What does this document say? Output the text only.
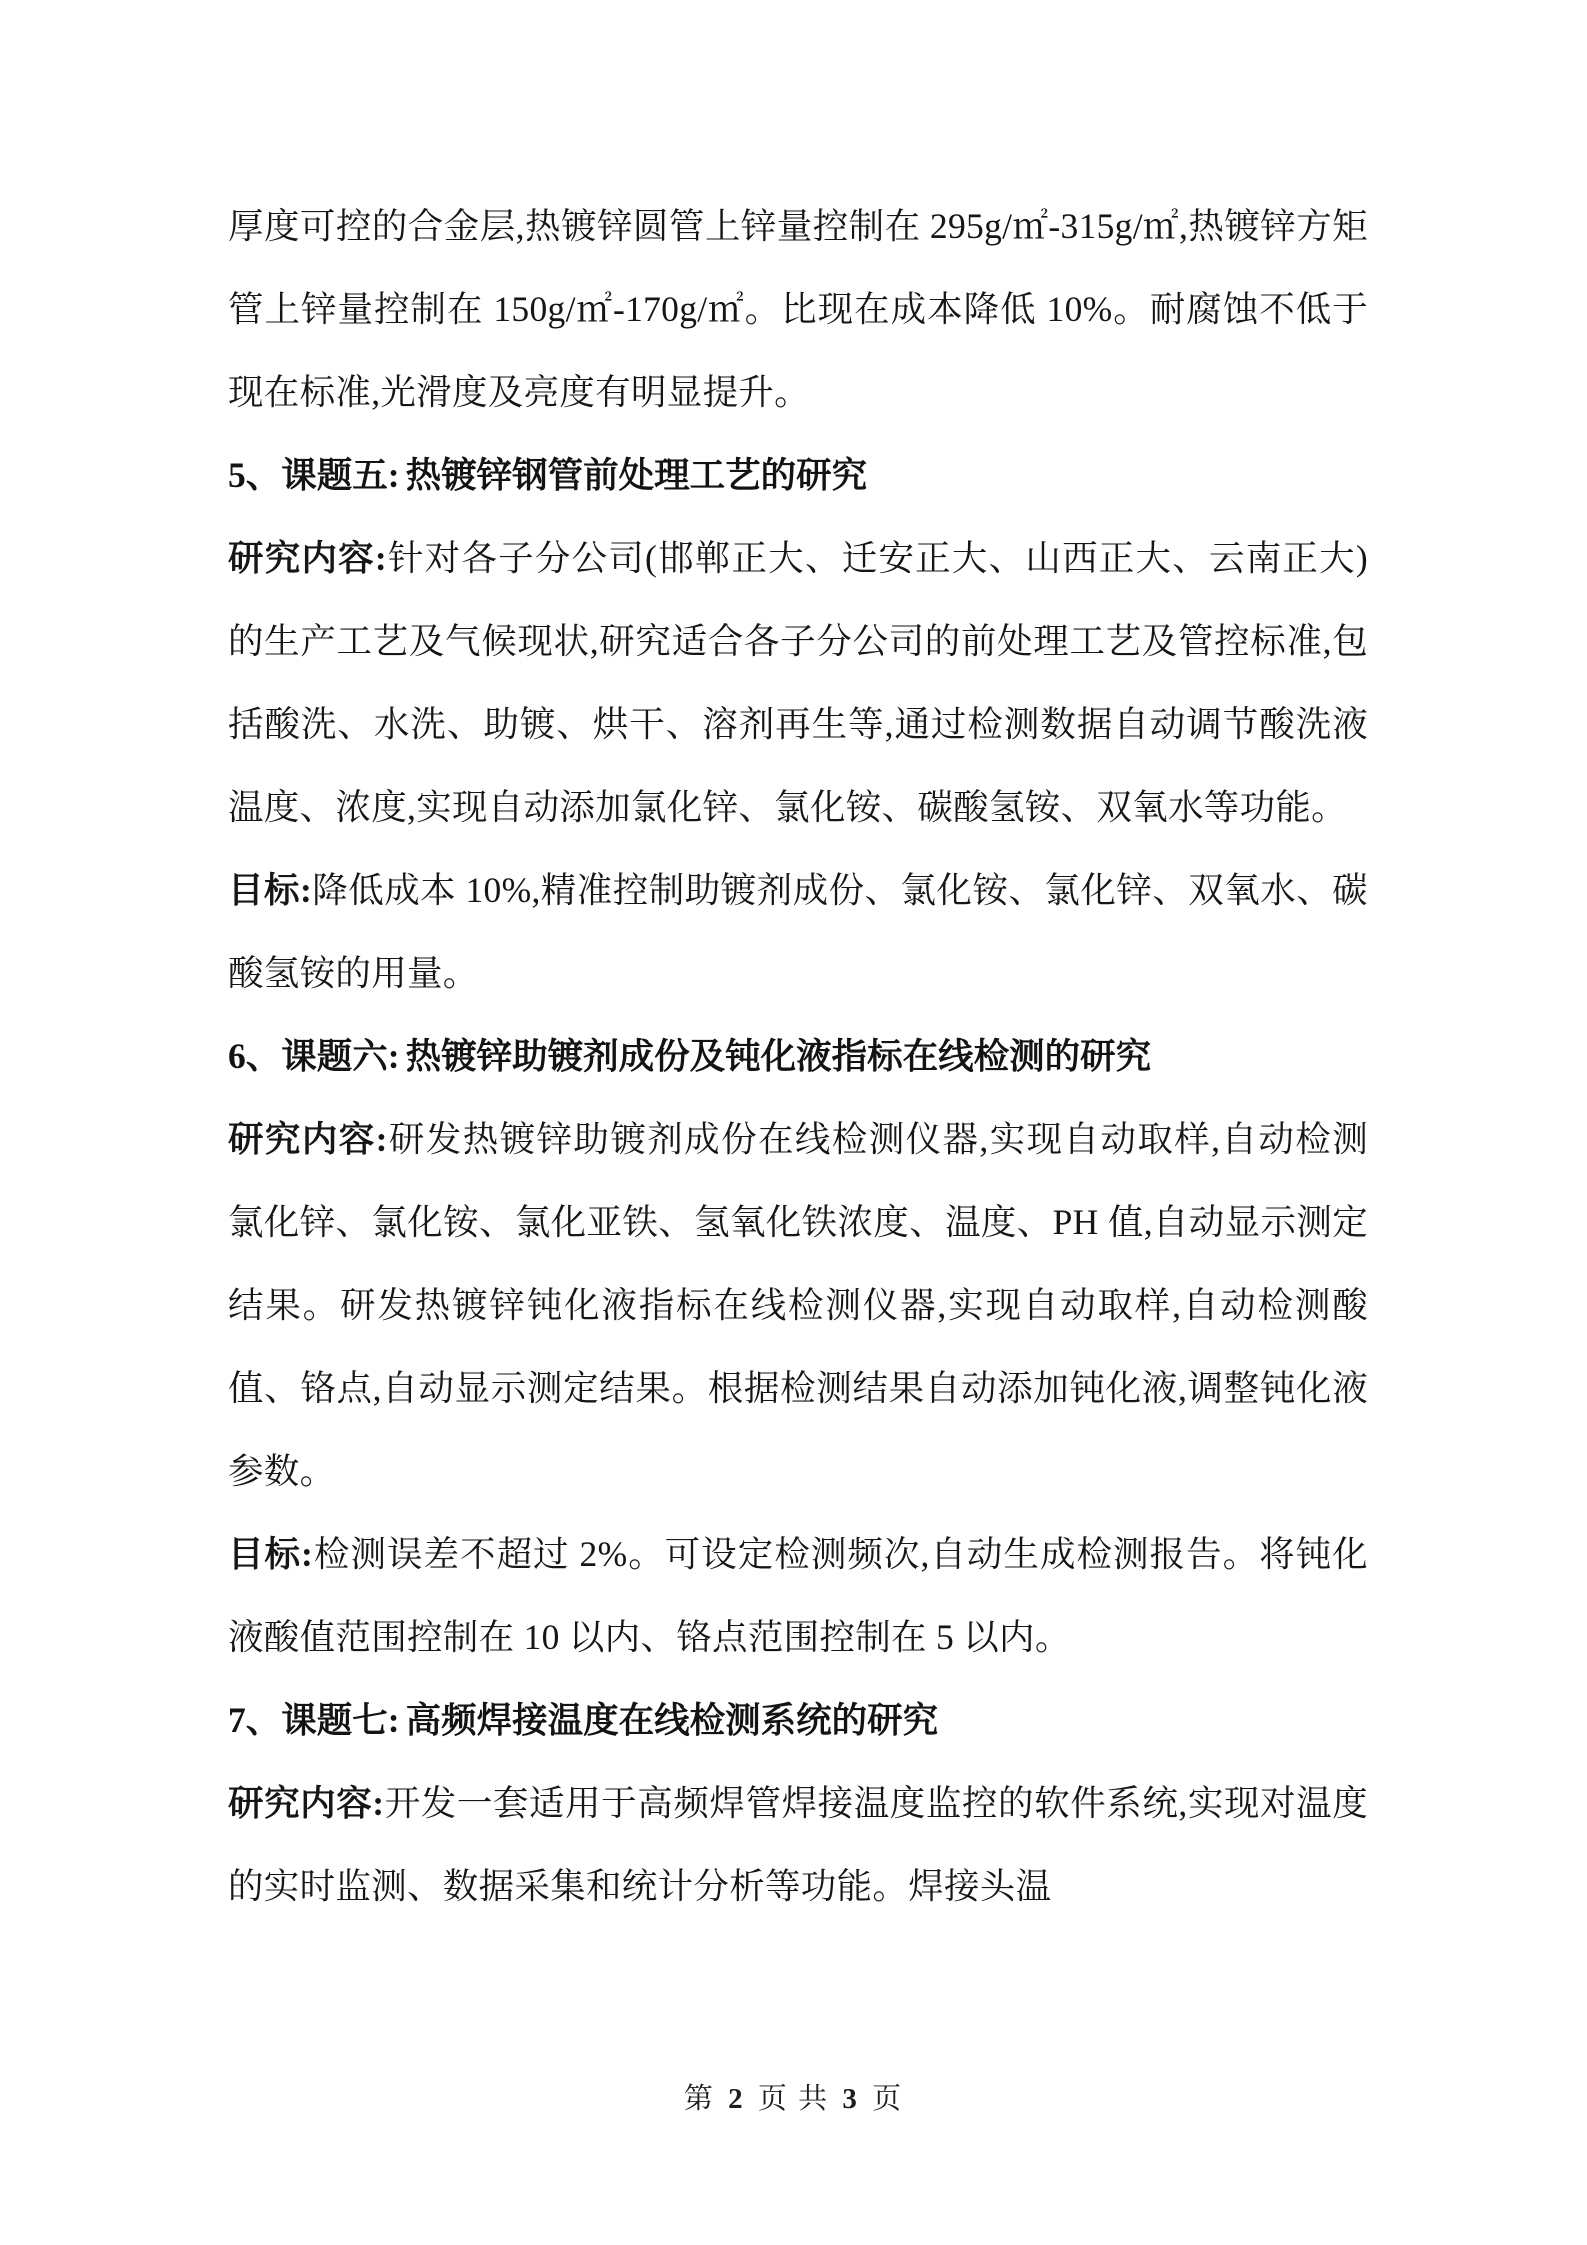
厚度可控的合金层,热镀锌圆管上锌量控制在 295g/㎡-315g/㎡,热镀锌方矩管上锌量控制在 150g/㎡-170g/㎡。比现在成本降低 10%。耐腐蚀不低于现在标准,光滑度及亮度有明显提升。

5、课题五: 热镀锌钢管前处理工艺的研究

研究内容:针对各子分公司(邯郸正大、迁安正大、山西正大、云南正大)的生产工艺及气候现状,研究适合各子分公司的前处理工艺及管控标准,包括酸洗、水洗、助镀、烘干、溶剂再生等,通过检测数据自动调节酸洗液温度、浓度,实现自动添加氯化锌、氯化铵、碳酸氢铵、双氧水等功能。

目标:降低成本 10%,精准控制助镀剂成份、氯化铵、氯化锌、双氧水、碳酸氢铵的用量。

6、课题六: 热镀锌助镀剂成份及钝化液指标在线检测的研究

研究内容:研发热镀锌助镀剂成份在线检测仪器,实现自动取样,自动检测氯化锌、氯化铵、氯化亚铁、氢氧化铁浓度、温度、PH 值,自动显示测定结果。研发热镀锌钝化液指标在线检测仪器,实现自动取样,自动检测酸值、铬点,自动显示测定结果。根据检测结果自动添加钝化液,调整钝化液参数。

目标:检测误差不超过 2%。可设定检测频次,自动生成检测报告。将钝化液酸值范围控制在 10 以内、铬点范围控制在 5 以内。

7、课题七: 高频焊接温度在线检测系统的研究

研究内容:开发一套适用于高频焊管焊接温度监控的软件系统,实现对温度的实时监测、数据采集和统计分析等功能。焊接头温

第 2 页 共 3 页
